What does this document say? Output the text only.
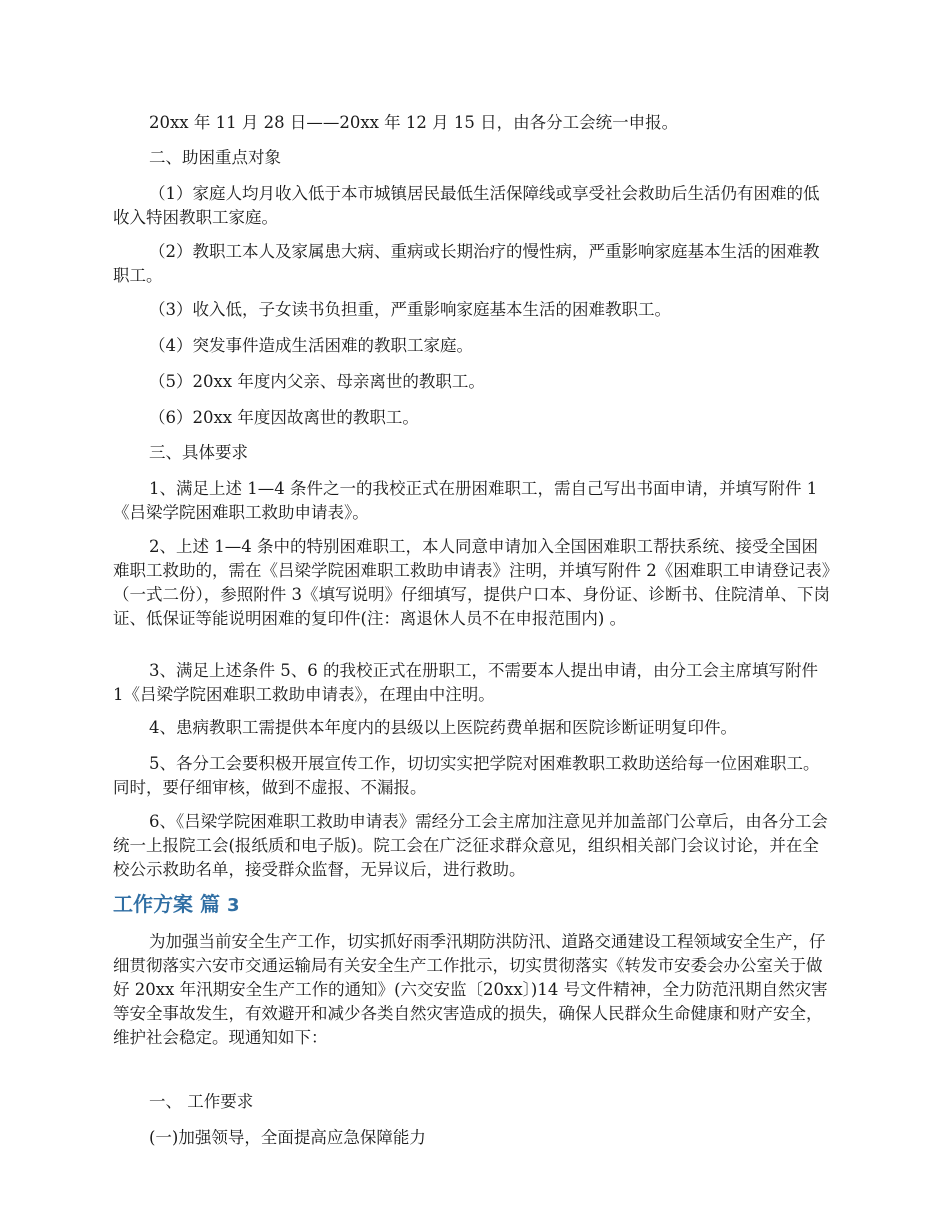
20xx 年 11 月 28 日——20xx 年 12 月 15 日，由各分工会统一申报。

二、助困重点对象

（1）家庭人均月收入低于本市城镇居民最低生活保障线或享受社会救助后生活仍有困难的低收入特困教职工家庭。

（2）教职工本人及家属患大病、重病或长期治疗的慢性病，严重影响家庭基本生活的困难教职工。

（3）收入低，子女读书负担重，严重影响家庭基本生活的困难教职工。

（4）突发事件造成生活困难的教职工家庭。

（5）20xx 年度内父亲、母亲离世的教职工。

（6）20xx 年度因故离世的教职工。

三、具体要求

1、满足上述 1—4 条件之一的我校正式在册困难职工，需自己写出书面申请，并填写附件 1《吕梁学院困难职工救助申请表》。

2、上述 1—4 条中的特别困难职工，本人同意申请加入全国困难职工帮扶系统、接受全国困难职工救助的，需在《吕梁学院困难职工救助申请表》注明，并填写附件 2《困难职工申请登记表》（一式二份），参照附件 3《填写说明》仔细填写，提供户口本、身份证、诊断书、住院清单、下岗证、低保证等能说明困难的复印件(注：离退休人员不在申报范围内) 。

3、满足上述条件 5、6 的我校正式在册职工，不需要本人提出申请，由分工会主席填写附件 1《吕梁学院困难职工救助申请表》，在理由中注明。

4、患病教职工需提供本年度内的县级以上医院药费单据和医院诊断证明复印件。

5、各分工会要积极开展宣传工作，切切实实把学院对困难教职工救助送给每一位困难职工。同时，要仔细审核，做到不虚报、不漏报。

6、《吕梁学院困难职工救助申请表》需经分工会主席加注意见并加盖部门公章后，由各分工会统一上报院工会(报纸质和电子版)。院工会在广泛征求群众意见，组织相关部门会议讨论，并在全校公示救助名单，接受群众监督，无异议后，进行救助。

工作方案 篇 3

为加强当前安全生产工作，切实抓好雨季汛期防洪防汛、道路交通建设工程领域安全生产，仔细贯彻落实六安市交通运输局有关安全生产工作批示，切实贯彻落实《转发市安委会办公室关于做好 20xx 年汛期安全生产工作的通知》(六交安监〔20xx〕)14 号文件精神，全力防范汛期自然灾害等安全事故发生，有效避开和减少各类自然灾害造成的损失，确保人民群众生命健康和财产安全，维护社会稳定。现通知如下：

一、 工作要求

(一)加强领导，全面提高应急保障能力
